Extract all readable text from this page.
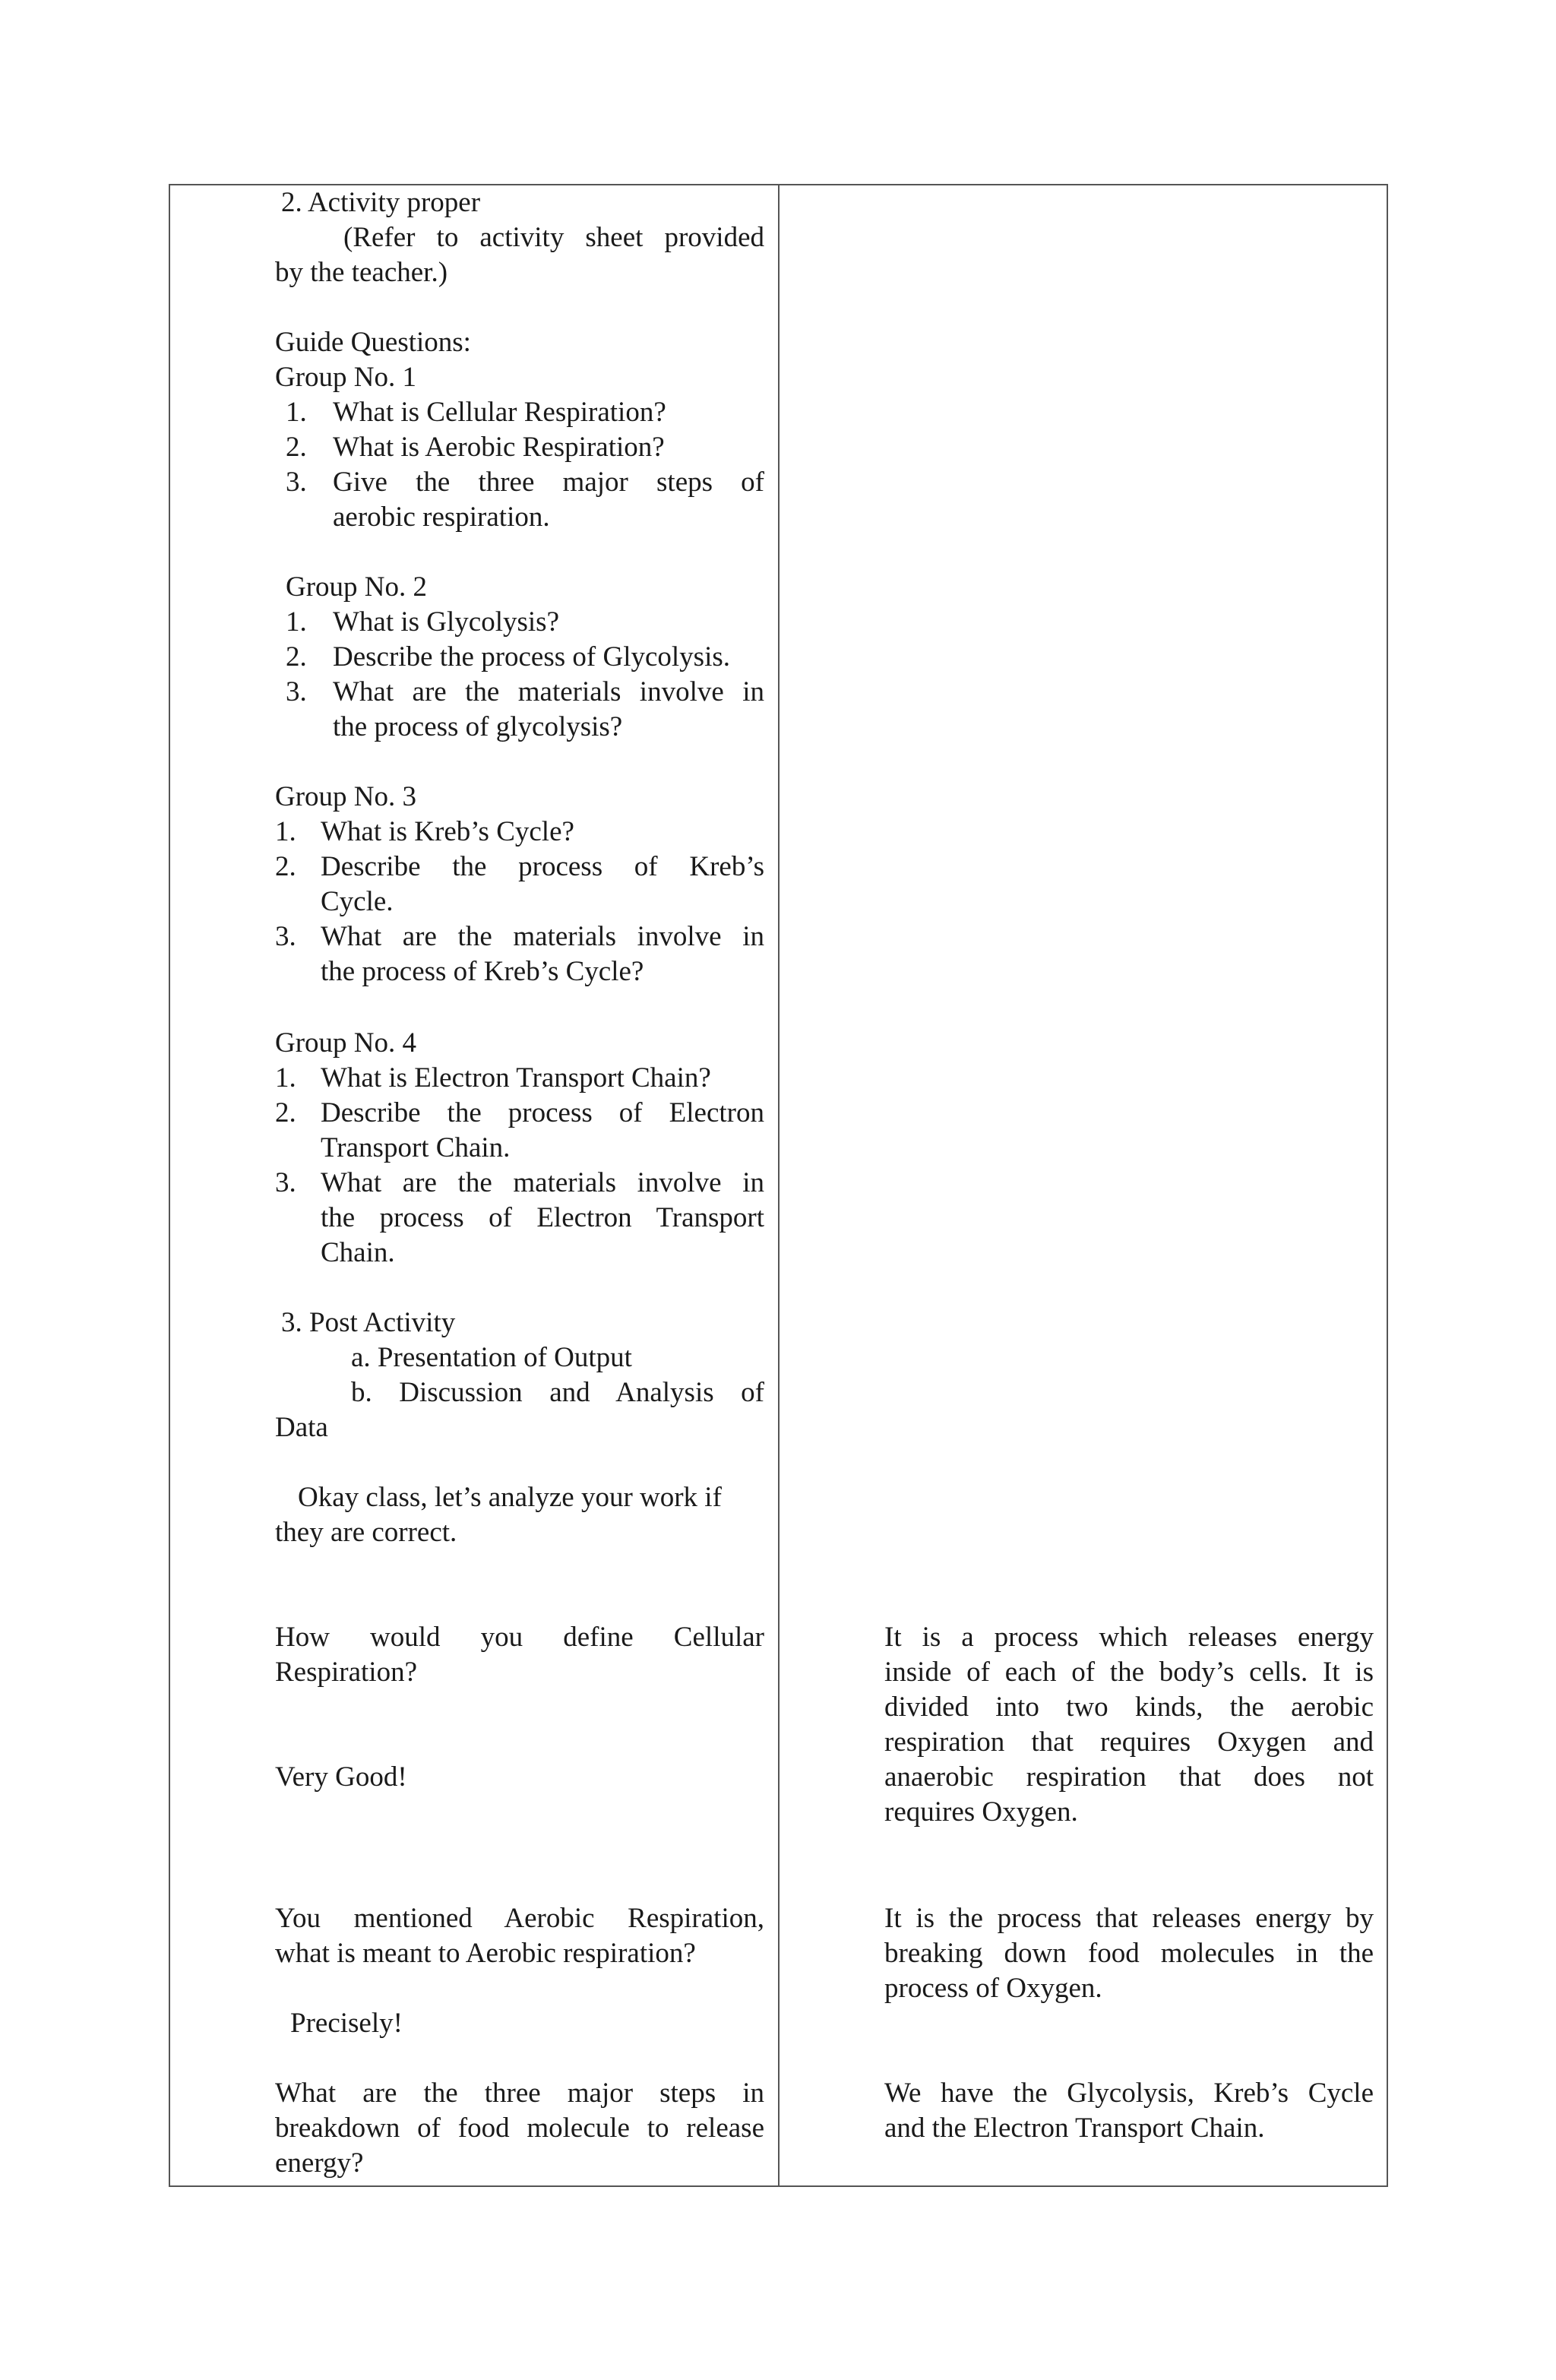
2. Activity proper
(Refer to activity sheet provided
by the teacher.)
Guide Questions:
Group No. 1
1. What is Cellular Respiration?
2. What is Aerobic Respiration?
3. Give the three major steps of
aerobic respiration.
Group No. 2
1. What is Glycolysis?
2. Describe the process of Glycolysis.
3. What are the materials involve in
the process of glycolysis?
Group No. 3
1. What is Kreb’s Cycle?
2. Describe the process of Kreb’s
Cycle.
3. What are the materials involve in
the process of Kreb’s Cycle?
Group No. 4
1. What is Electron Transport Chain?
2. Describe the process of Electron
Transport Chain.
3. What are the materials involve in
the process of Electron Transport
Chain.
3. Post Activity
a. Presentation of Output
b. Discussion and Analysis of
Data
Okay class, let’s analyze your work if
they are correct.
How would you define Cellular
Respiration?
Very Good!
You mentioned Aerobic Respiration,
what is meant to Aerobic respiration?
Precisely!
What are the three major steps in
breakdown of food molecule to release
energy?
It is a process which releases energy
inside of each of the body’s cells. It is
divided into two kinds, the aerobic
respiration that requires Oxygen and
anaerobic respiration that does not
requires Oxygen.
It is the process that releases energy by
breaking down food molecules in the
process of Oxygen.
We have the Glycolysis, Kreb’s Cycle
and the Electron Transport Chain.
